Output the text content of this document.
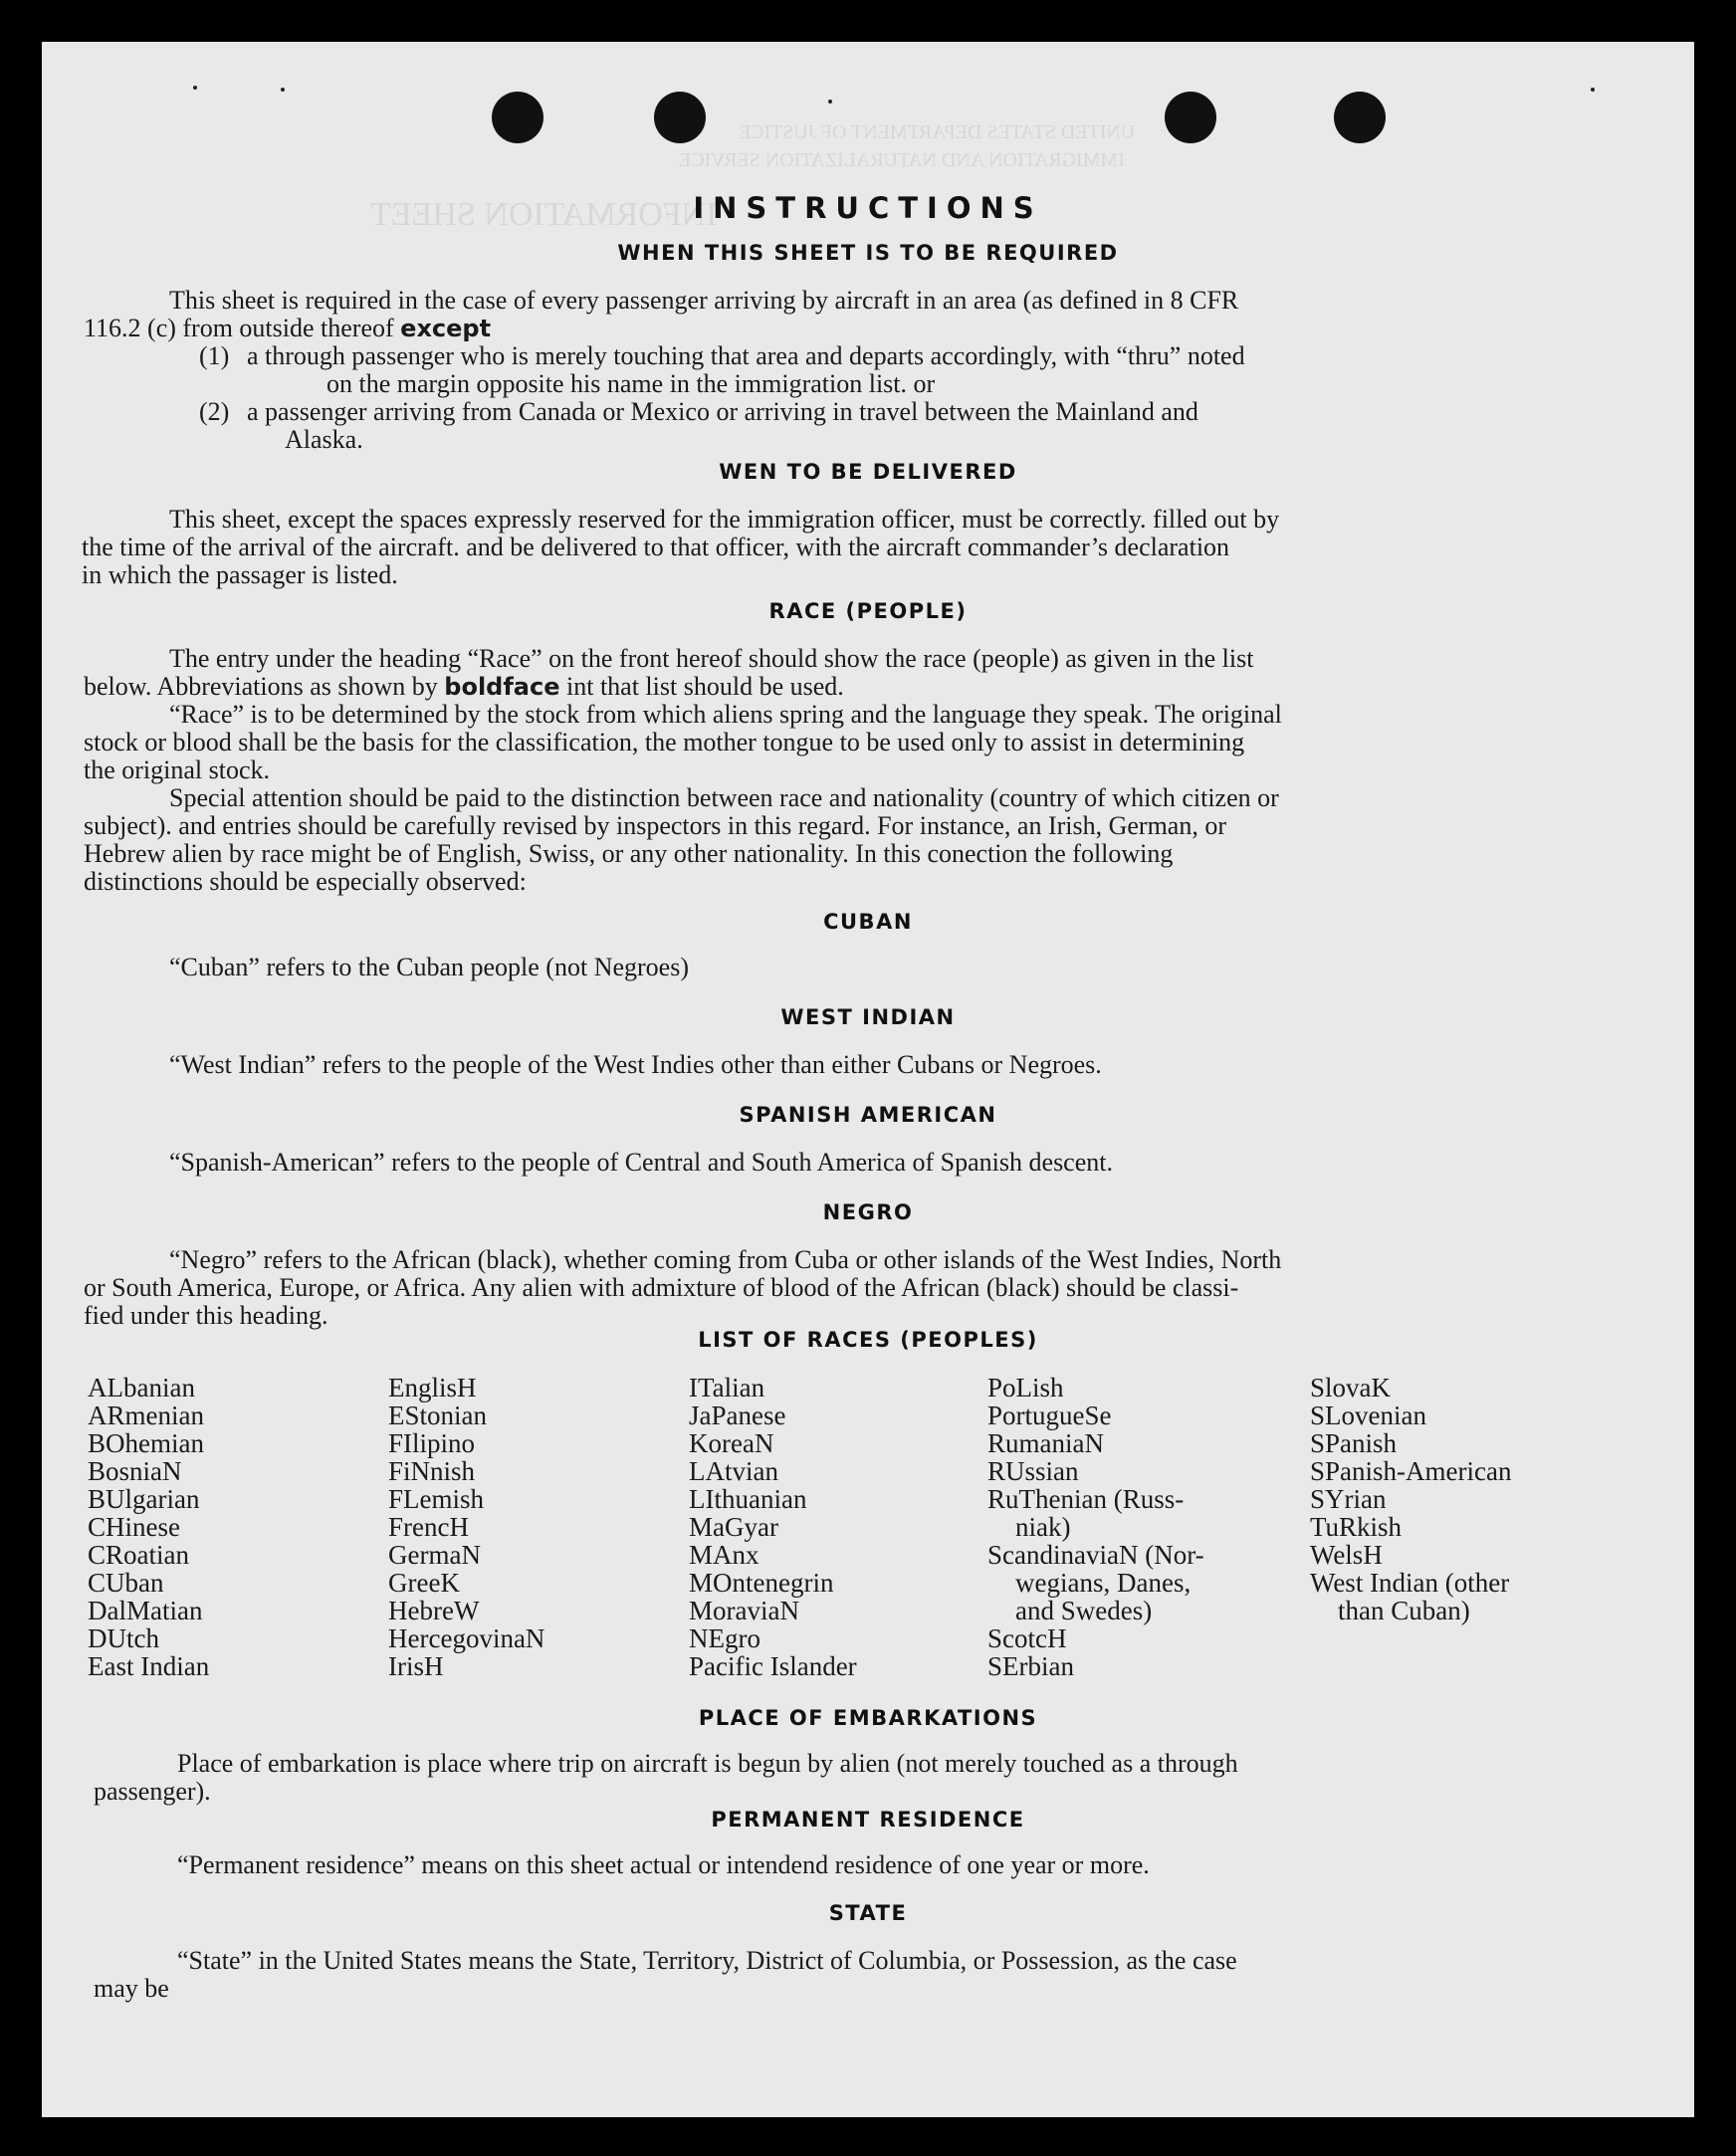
UNITED STATES DEPARTMENT OF JUSTICE
IMMIGRATION AND NATURALIZATION SERVICE
INFORMATION SHEET
INSTRUCTIONS
WHEN THIS SHEET IS TO BE REQUIRED
This sheet is required in the case of every passenger arriving by aircraft in an area (as defined in 8 CFR
116.2 (c) from outside thereof except
(1) a through passenger who is merely touching that area and departs accordingly, with “thru” noted
on the margin opposite his name in the immigration list. or
(2) a passenger arriving from Canada or Mexico or arriving in travel between the Mainland and
Alaska.
WEN TO BE DELIVERED
This sheet, except the spaces expressly reserved for the immigration officer, must be correctly. filled out by
the time of the arrival of the aircraft. and be delivered to that officer, with the aircraft commander’s declaration
in which the passager is listed.
RACE (PEOPLE)
The entry under the heading “Race” on the front hereof should show the race (people) as given in the list
below. Abbreviations as shown by boldface int that list should be used.
“Race” is to be determined by the stock from which aliens spring and the language they speak. The original
stock or blood shall be the basis for the classification, the mother tongue to be used only to assist in determining
the original stock.
Special attention should be paid to the distinction between race and nationality (country of which citizen or
subject). and entries should be carefully revised by inspectors in this regard. For instance, an Irish, German, or
Hebrew alien by race might be of English, Swiss, or any other nationality. In this conection the following
distinctions should be especially observed:
CUBAN
“Cuban” refers to the Cuban people (not Negroes)
WEST INDIAN
“West Indian” refers to the people of the West Indies other than either Cubans or Negroes.
SPANISH AMERICAN
“Spanish-American” refers to the people of Central and South America of Spanish descent.
NEGRO
“Negro” refers to the African (black), whether coming from Cuba or other islands of the West Indies, North
or South America, Europe, or Africa. Any alien with admixture of blood of the African (black) should be classi-
fied under this heading.
LIST OF RACES (PEOPLES)
ALbanian
ARmenian
BOhemian
BosniaN
BUlgarian
CHinese
CRoatian
CUban
DalMatian
DUtch
East Indian
EnglisH
EStonian
FIlipino
FiNnish
FLemish
FrencH
GermaN
GreeK
HebreW
HercegovinaN
IrisH
ITalian
JaPanese
KoreaN
LAtvian
LIthuanian
MaGyar
MAnx
MOntenegrin
MoraviaN
NEgro
Pacific Islander
PoLish
PortugueSe
RumaniaN
RUssian
RuThenian (Russ-
niak)
ScandinaviaN (Nor-
wegians, Danes,
and Swedes)
ScotcH
SErbian
SlovaK
SLovenian
SPanish
SPanish-American
SYrian
TuRkish
WelsH
West Indian (other
than Cuban)
PLACE OF EMBARKATIONS
Place of embarkation is place where trip on aircraft is begun by alien (not merely touched as a through
passenger).
PERMANENT RESIDENCE
“Permanent residence” means on this sheet actual or intendend residence of one year or more.
STATE
“State” in the United States means the State, Territory, District of Columbia, or Possession, as the case
may be
